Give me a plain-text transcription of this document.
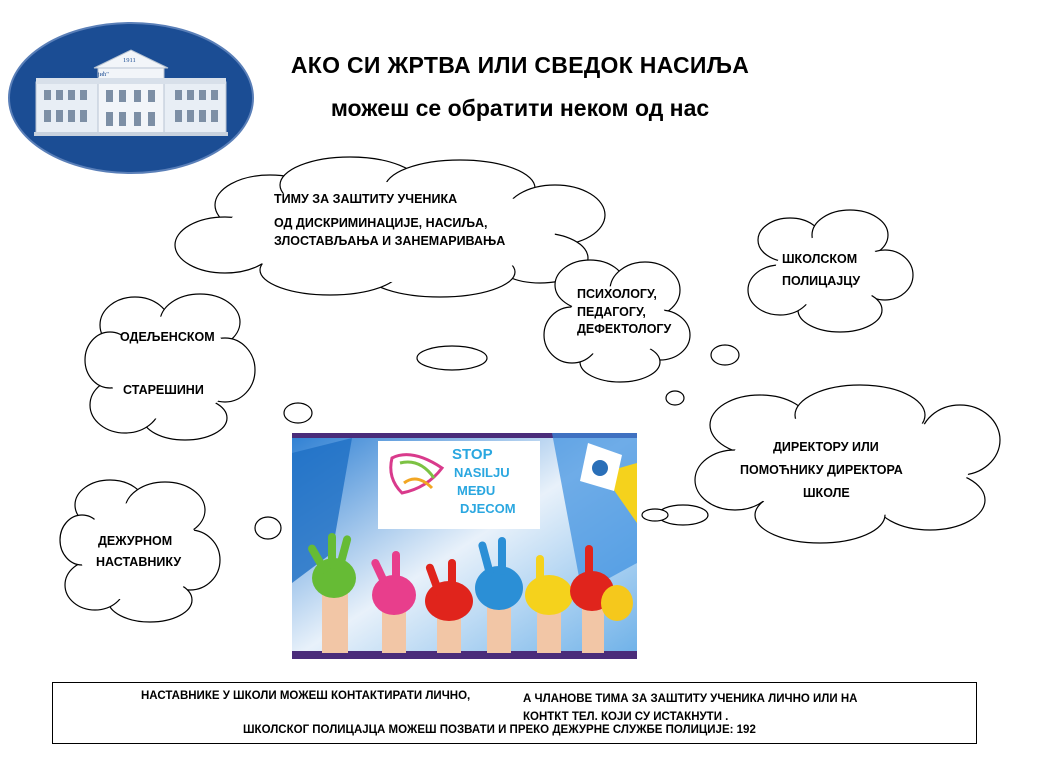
ОШ "Емилија Остојић"
1911
Пожега	АКО СИ ЖРТВА ИЛИ СВЕДОК НАСИЉА
можеш се обратити неком од нас
ТИМУ ЗА ЗАШТИТУ УЧЕНИКА
ОД ДИСКРИМИНАЦИЈЕ, НАСИЉА,
ЗЛОСТАВЉАЊА И ЗАНЕМАРИВАЊА
ШКОЛСКОМ
ПОЛИЦАЈЦУ
ПСИХОЛОГУ,
ПЕДАГОГУ,
ДЕФЕКТОЛОГУ
ОДЕЉЕНСКОМ
СТАРЕШИНИ
ДИРЕКТОРУ ИЛИ
ПОМОЋНИКУ ДИРЕКТОРА
ШКОЛЕ
ДЕЖУРНОМ
НАСТАВНИКУ
STOP
NASILJU
MEĐU
DJECOM
НАСТАВНИКЕ У ШКОЛИ МОЖЕШ КОНТАКТИРАТИ ЛИЧНО,	А ЧЛАНОВЕ ТИМА ЗА ЗАШТИТУ УЧЕНИКА ЛИЧНО ИЛИ НА
КОНТКТ ТЕЛ. КОЈИ СУ ИСТАКНУТИ .
ШКОЛСКОГ ПОЛИЦАЈЦА МОЖЕШ ПОЗВАТИ И ПРЕКО ДЕЖУРНЕ СЛУЖБЕ ПОЛИЦИЈЕ: 192
